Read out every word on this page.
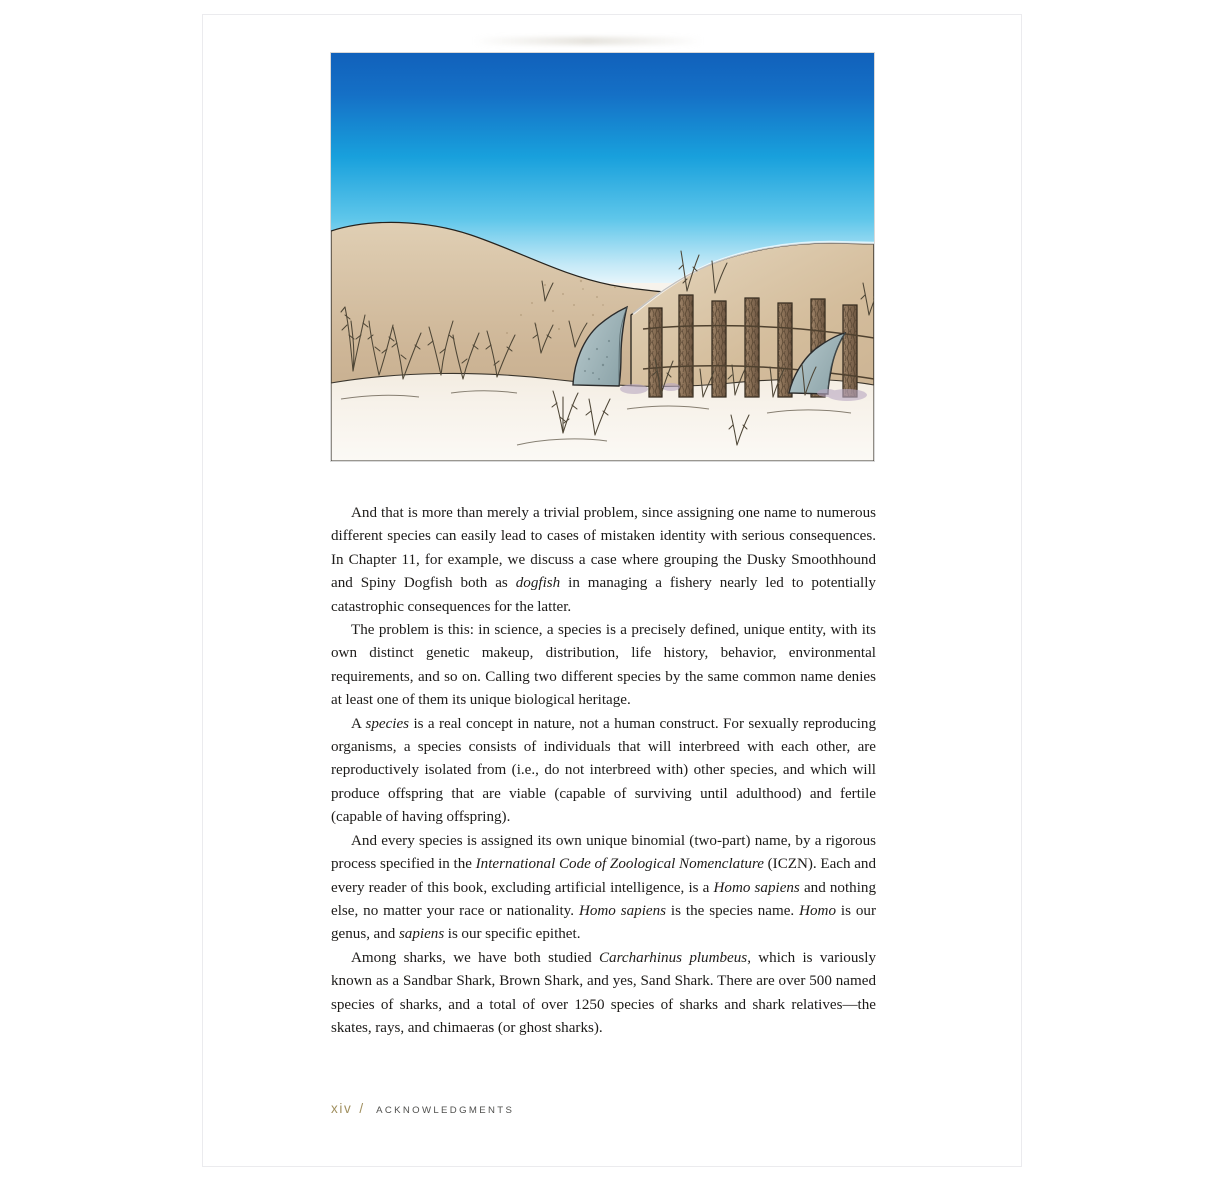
And that is more than merely a trivial problem, since assigning one name to numerous different species can easily lead to cases of mistaken identity with serious consequences. In Chapter 11, for example, we discuss a case where grouping the Dusky Smoothhound and Spiny Dogfish both as dogfish in managing a fishery nearly led to potentially catastrophic consequences for the latter.

The problem is this: in science, a species is a precisely defined, unique entity, with its own distinct genetic makeup, distribution, life history, behavior, environmental requirements, and so on. Calling two different species by the same common name denies at least one of them its unique biological heritage.

A species is a real concept in nature, not a human construct. For sexually reproducing organisms, a species consists of individuals that will interbreed with each other, are reproductively isolated from (i.e., do not interbreed with) other species, and which will produce offspring that are viable (capable of surviving until adulthood) and fertile (capable of having offspring).

And every species is assigned its own unique binomial (two-part) name, by a rigorous process specified in the International Code of Zoological Nomenclature (ICZN). Each and every reader of this book, excluding artificial intelligence, is a Homo sapiens and nothing else, no matter your race or nationality. Homo sapiens is the species name. Homo is our genus, and sapiens is our specific epithet.

Among sharks, we have both studied Carcharhinus plumbeus, which is variously known as a Sandbar Shark, Brown Shark, and yes, Sand Shark. There are over 500 named species of sharks, and a total of over 1250 species of sharks and shark relatives—the skates, rays, and chimaeras (or ghost sharks).

xiv / ACKNOWLEDGMENTS
